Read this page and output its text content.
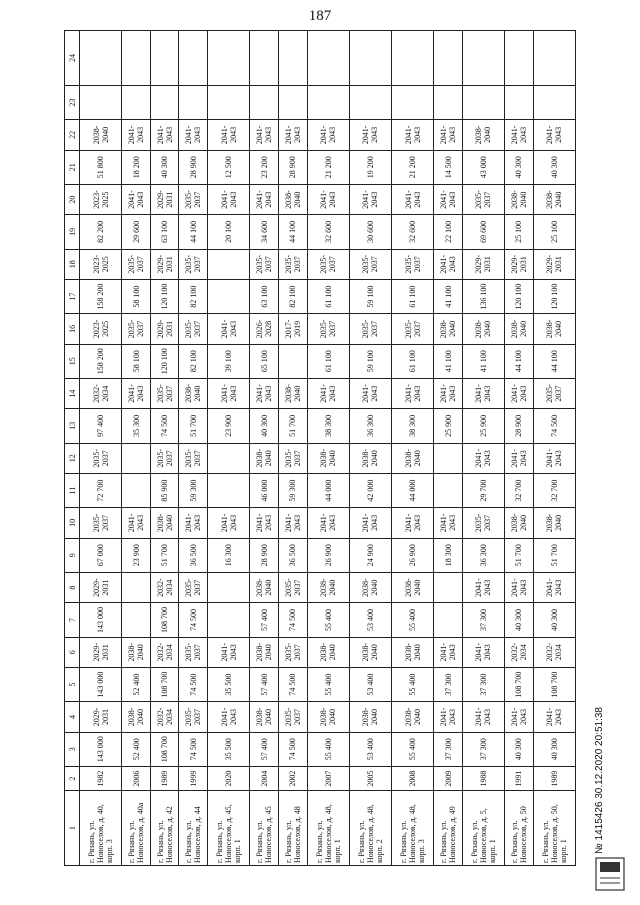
187
1	2	3	4	5	6	7	8	9	10	11	12	13	14	15	16	17	18	19	20	21	22	23	24
г. Рязань, ул. Новоселов, д. 40, корп. 3	1982	143 000	2029-2031	143 000	2029-2031	143 000	2029-2031	67 000	2035-2037	72 700	2035-2037	97 400	2032-2034	158 200	2023-2025	158 200	2023-2025	82 200	2023-2025	51 800	2038-2040		
г. Рязань, ул. Новоселов, д. 40а	2006	52 400	2038-2040	52 400	2038-2040			23 900	2041-2043			35 300	2041-2043	58 100	2035-2037	58 100	2035-2037	29 600	2041-2043	18 200	2041-2043		
г. Рязань, ул. Новоселов, д. 42	1989	108 700	2032-2034	108 700	2032-2034	108 700	2032-2034	51 700	2038-2040	85 900	2035-2037	74 500	2035-2037	120 100	2029-2031	120 100	2029-2031	63 100	2029-2031	40 300	2041-2043		
г. Рязань, ул. Новоселов, д. 44	1999	74 500	2035-2037	74 500	2035-2037	74 500	2035-2037	36 500	2041-2043	59 300	2035-2037	51 700	2038-2040	82 100	2035-2037	82 100	2035-2037	44 100	2035-2037	28 900	2041-2043		
г. Рязань, ул. Новоселов, д. 45, корп. 1	2020	35 500	2041-2043	35 500	2041-2043			16 300	2041-2043			23 900	2041-2043	39 100	2041-2043			20 100	2041-2043	12 500	2041-2043		
г. Рязань, ул. Новоселов, д. 45	2004	57 400	2038-2040	57 400	2038-2040	57 400	2038-2040	28 900	2041-2043	46 000	2038-2040	40 300	2041-2043	65 100	2026-2028	63 100	2035-2037	34 600	2041-2043	23 200	2041-2043		
г. Рязань, ул. Новоселов, д. 48	2002	74 500	2035-2037	74 500	2035-2037	74 500	2035-2037	36 500	2041-2043	59 300	2035-2037	51 700	2038-2040		2017-2019	82 100	2035-2037	44 100	2038-2040	28 900	2041-2043		
г. Рязань, ул. Новоселов, д. 48, корп. 1	2007	55 400	2038-2040	55 400	2038-2040	55 400	2038-2040	26 900	2041-2043	44 000	2038-2040	38 300	2041-2043	61 100	2035-2037	61 100	2035-2037	32 600	2041-2043	21 200	2041-2043		
г. Рязань, ул. Новоселов, д. 48, корп. 2	2005	53 400	2038-2040	53 400	2038-2040	53 400	2038-2040	24 900	2041-2043	42 000	2038-2040	36 300	2041-2043	59 100	2035-2037	59 100	2035-2037	30 600	2041-2043	19 200	2041-2043		
г. Рязань, ул. Новоселов, д. 48, корп. 3	2008	55 400	2038-2040	55 400	2038-2040	55 400	2038-2040	26 900	2041-2043	44 000	2038-2040	38 300	2041-2043	61 100	2035-2037	61 100	2035-2037	32 600	2041-2043	21 200	2041-2043		
г. Рязань, ул. Новоселов, д. 49	2009	37 300	2041-2043	37 300	2041-2043			18 300	2041-2043			25 900	2041-2043	41 100	2038-2040	41 100	2041-2043	22 100	2041-2043	14 500	2041-2043		
г. Рязань, ул. Новоселов, д. 5, корп. 1	1988	37 300	2041-2043	37 300	2041-2043	37 300	2041-2043	36 300	2035-2037	29 700	2041-2043	25 900	2041-2043	41 100	2038-2040	136 100	2029-2031	69 600	2035-2037	43 000	2038-2040		
г. Рязань, ул. Новоселов, д. 50	1991	40 300	2041-2043	108 700	2032-2034	40 300	2041-2043	51 700	2038-2040	32 700	2041-2043	28 900	2041-2043	44 100	2038-2040	120 100	2029-2031	25 100	2038-2040	40 300	2041-2043		
г. Рязань, ул. Новоселов, д. 50, корп. 1	1989	40 300	2041-2043	108 700	2032-2034	40 300	2041-2043	51 700	2038-2040	32 700	2041-2043	74 500	2035-2037	44 100	2038-2040	120 100	2029-2031	25 100	2038-2040	40 300	2041-2043		
№ 1415426 30.12.2020 20:51:38
